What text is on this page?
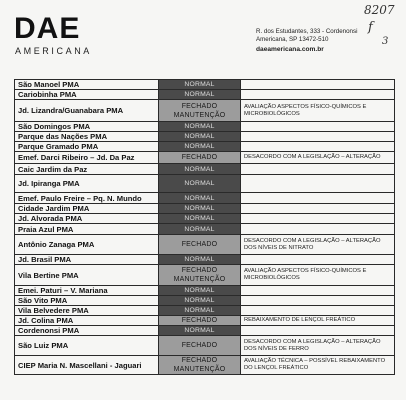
DAE
AMERICANA
R. dos Estudantes, 333 - Cordenonsi
Americana, SP 13472-510
daeamericana.com.br
8207
f
3
São Manoel PMA	NORMAL	
Cariobinha PMA	NORMAL	
Jd. Lizandra/Guanabara PMA	FECHADO MANUTENÇÃO	AVALIAÇÃO ASPECTOS FÍSICO-QUÍMICOS E MICROBIOLÓGICOS
São Domingos PMA	NORMAL	
Parque das Nações PMA	NORMAL	
Parque Gramado PMA	NORMAL	
Emef. Darci Ribeiro – Jd. Da Paz	FECHADO	DESACORDO COM A LEGISLAÇÃO – ALTERAÇÃO
Caic Jardim da Paz	NORMAL	
Jd. Ipiranga PMA	NORMAL	
Emef. Paulo Freire – Pq. N. Mundo	NORMAL	
Cidade Jardim PMA	NORMAL	
Jd. Alvorada PMA	NORMAL	
Praia Azul PMA	NORMAL	
Antônio Zanaga PMA	FECHADO	DESACORDO COM A LEGISLAÇÃO – ALTERAÇÃO DOS NÍVEIS DE NITRATO
Jd. Brasil PMA	NORMAL	
Vila Bertine PMA	FECHADO MANUTENÇÃO	AVALIAÇÃO ASPECTOS FÍSICO-QUÍMICOS E MICROBIOLÓGICOS
Emei. Paturi – V. Mariana	NORMAL	
São Vito PMA	NORMAL	
Vila Belvedere PMA	NORMAL	
Jd. Colina PMA	FECHADO	REBAIXAMENTO DE LENÇOL FREÁTICO
Cordenonsi PMA	NORMAL	
São Luiz PMA	FECHADO	DESACORDO COM A LEGISLAÇÃO – ALTERAÇÃO DOS NÍVEIS DE FERRO
CIEP Maria N. Mascellani - Jaguari	FECHADO MANUTENÇÃO	AVALIAÇÃO TÉCNICA – POSSÍVEL REBAIXAMENTO DO LENÇOL FREÁTICO
